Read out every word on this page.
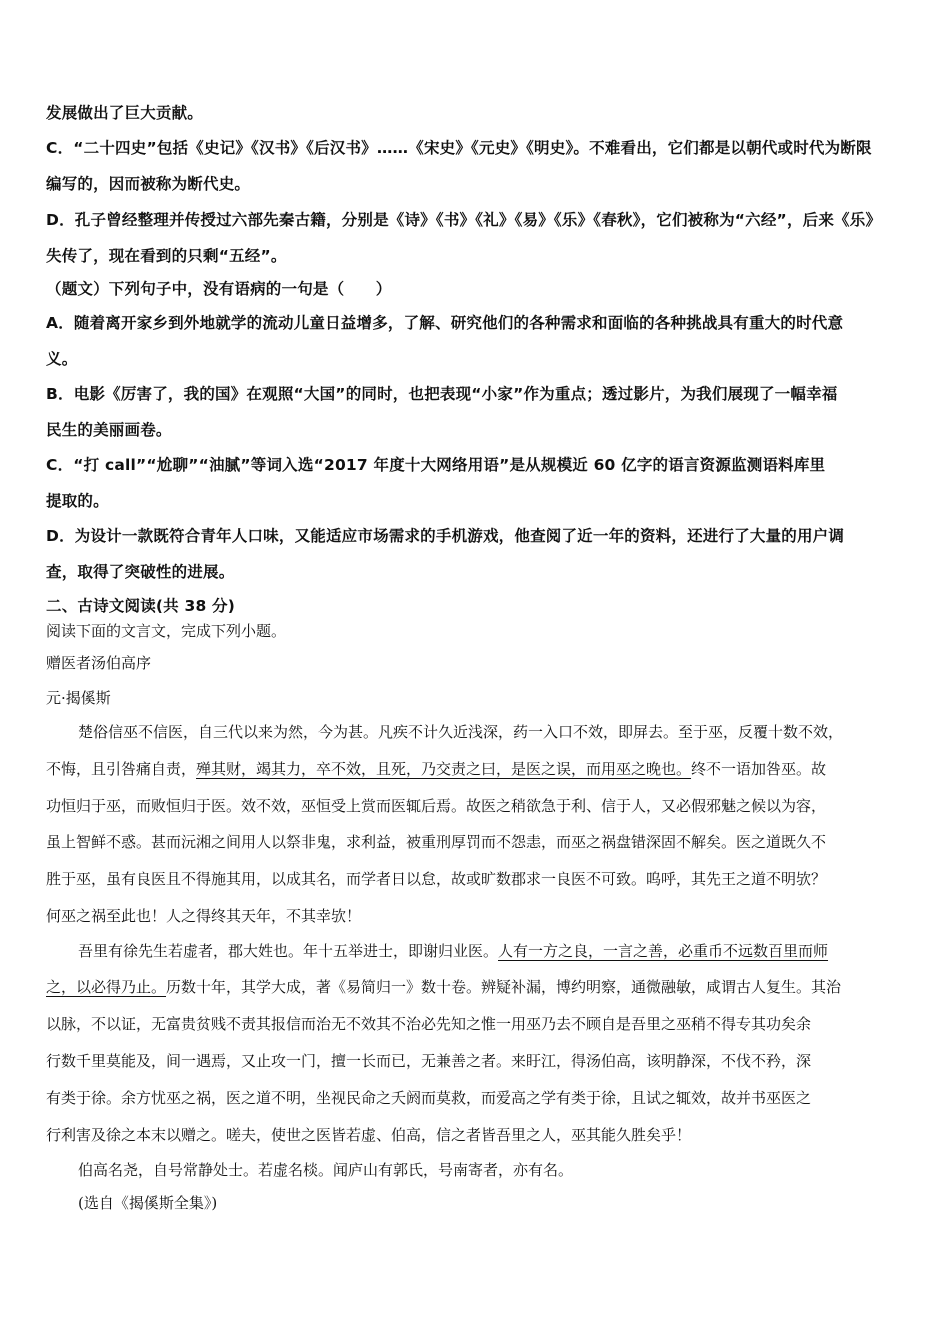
发展做出了巨大贡献。
C．“二十四史”包括《史记》《汉书》《后汉书》……《宋史》《元史》《明史》。不难看出，它们都是以朝代或时代为断限
编写的，因而被称为断代史。
D．孔子曾经整理并传授过六部先秦古籍，分别是《诗》《书》《礼》《易》《乐》《春秋》，它们被称为“六经”，后来《乐》
失传了，现在看到的只剩“五经”。
（题文）下列句子中，没有语病的一句是（　　）
A．随着离开家乡到外地就学的流动儿童日益增多，了解、研究他们的各种需求和面临的各种挑战具有重大的时代意
义。
B．电影《厉害了，我的国》在观照“大国”的同时，也把表现“小家”作为重点；透过影片，为我们展现了一幅幸福
民生的美丽画卷。
C．“打 call”“尬聊”“油腻”等词入选“2017 年度十大网络用语”是从规模近 60 亿字的语言资源监测语料库里
提取的。
D．为设计一款既符合青年人口味，又能适应市场需求的手机游戏，他查阅了近一年的资料，还进行了大量的用户调
查，取得了突破性的进展。
二、古诗文阅读(共 38 分)
阅读下面的文言文，完成下列小题。
赠医者汤伯高序
元·揭傒斯
楚俗信巫不信医，自三代以来为然，今为甚。凡疾不计久近浅深，药一入口不效，即屏去。至于巫，反覆十数不效，
不悔，且引咎痛自责，殚其财，竭其力，卒不效，且死，乃交责之曰，是医之误，而用巫之晚也。终不一语加咎巫。故
功恒归于巫，而败恒归于医。效不效，巫恒受上赏而医辄后焉。故医之稍欲急于利、信于人，又必假邪魅之候以为容，
虽上智鲜不惑。甚而沅湘之间用人以祭非鬼，求利益，被重刑厚罚而不怨恚，而巫之祸盘错深固不解矣。医之道既久不
胜于巫，虽有良医且不得施其用，以成其名，而学者日以怠，故或旷数郡求一良医不可致。呜呼，其先王之道不明欤？
何巫之祸至此也！人之得终其天年，不其幸欤！
吾里有徐先生若虚者，郡大姓也。年十五举进士，即谢归业医。人有一方之良，一言之善，必重币不远数百里而师
之，以必得乃止。历数十年，其学大成，著《易简归一》数十卷。辨疑补漏，博约明察，通微融敏，咸谓古人复生。其治
以脉，不以证，无富贵贫贱不责其报信而治无不效其不治必先知之惟一用巫乃去不顾自是吾里之巫稍不得专其功矣余
行数千里莫能及，间一遇焉，又止攻一门，擅一长而已，无兼善之者。来盱江，得汤伯高，该明静深，不伐不矜，深
有类于徐。余方忧巫之祸，医之道不明，坐视民命之夭阏而莫救，而爱高之学有类于徐，且试之辄效，故并书巫医之
行利害及徐之本末以赠之。嗟夫，使世之医皆若虚、伯高，信之者皆吾里之人，巫其能久胜矣乎！
伯高名尧，自号常静处士。若虚名棪。闻庐山有郭氏，号南寄者，亦有名。
(选自《揭傒斯全集》)
